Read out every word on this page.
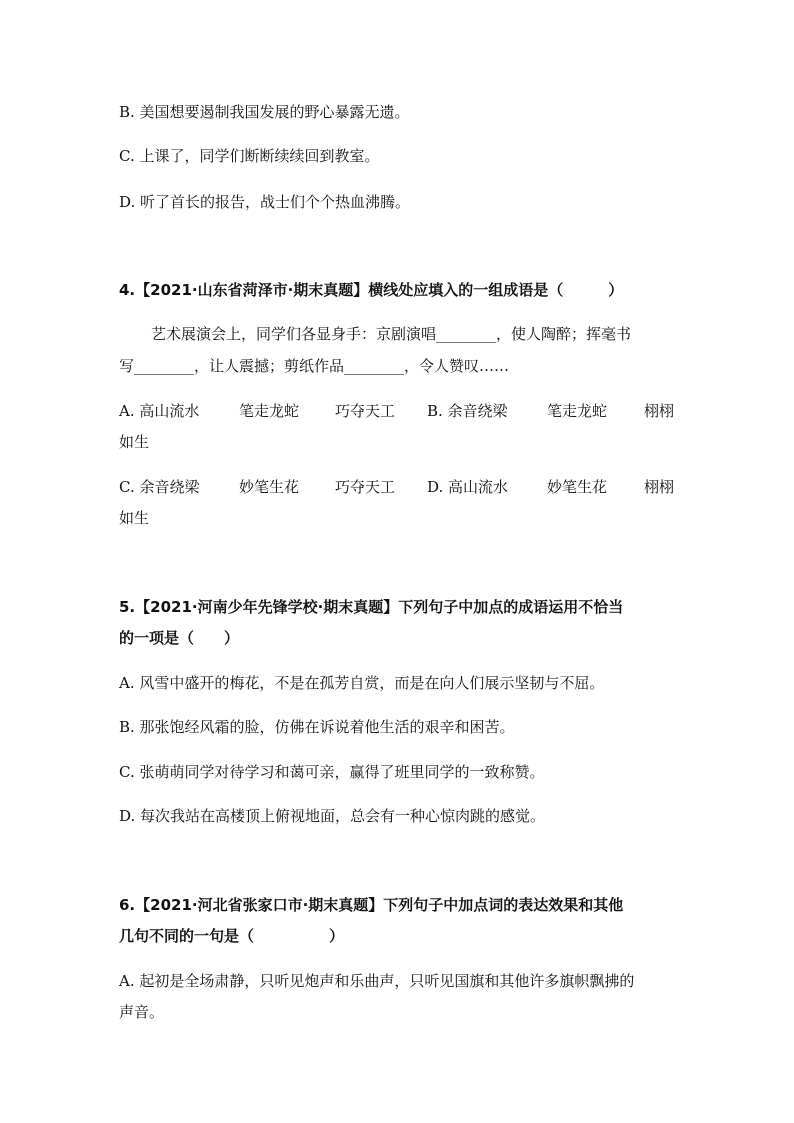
B. 美国想要遏制我国发展的野心暴露无遗。
C. 上课了，同学们断断续续回到教室。
D. 听了首长的报告，战士们个个热血沸腾。
4.【2021·山东省菏泽市·期末真题】横线处应填入的一组成语是（　　　）
艺术展演会上，同学们各显身手：京剧演唱________，使人陶醉；挥毫书
写________，让人震撼；剪纸作品________，令人赞叹……
A. 高山流水	笔走龙蛇 巧夺天工 B. 余音绕梁	笔走龙蛇 栩栩
如生
C. 余音绕梁	妙笔生花 巧夺天工 D. 高山流水	妙笔生花 栩栩
如生
5.【2021·河南少年先锋学校·期末真题】下列句子中加点的成语运用不恰当
的一项是（　　）
A. 风雪中盛开的梅花，不是在孤芳自赏，而是在向人们展示坚韧与不屈。
B. 那张饱经风霜的脸，仿佛在诉说着他生活的艰辛和困苦。
C. 张萌萌同学对待学习和蔼可亲，赢得了班里同学的一致称赞。
D. 每次我站在高楼顶上俯视地面，总会有一种心惊肉跳的感觉。
6.【2021·河北省张家口市·期末真题】下列句子中加点词的表达效果和其他
几句不同的一句是（　　　　　）
A. 起初是全场肃静，只听见炮声和乐曲声，只听见国旗和其他许多旗帜飘拂的
声音。
